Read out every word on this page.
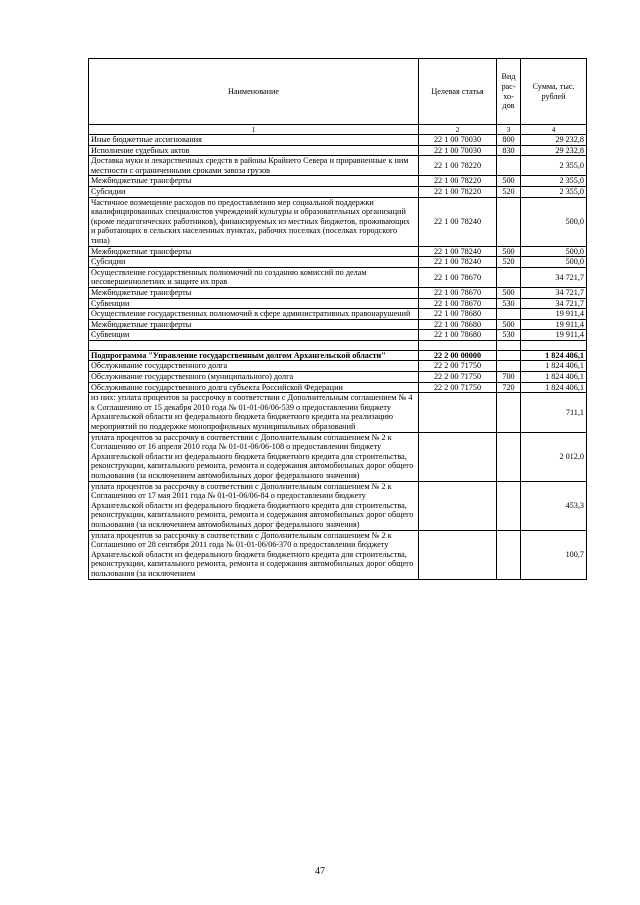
Наименование	Целевая статья	Вид рас-хо-дов	Сумма, тыс. рублей
1	2	3	4
Иные бюджетные ассигнования	22 1 00 70030	800	29 232,8
Исполнение судебных актов	22 1 00 70030	830	29 232,8
Доставка муки и лекарственных средств в районы Крайнего Севера и приравненные к ним местности с ограниченными сроками завоза грузов	22 1 00 78220		2 355,0
Межбюджетные трансферты	22 1 00 78220	500	2 355,0
Субсидии	22 1 00 78220	520	2 355,0
Частичное возмещение расходов по предоставлению мер социальной поддержки квалифицированных специалистов учреждений культуры и образовательных организаций (кроме педагогических работников), финансируемых из местных бюджетов, проживающих и работающих в сельских населенных пунктах, рабочих поселках (поселках городского типа)	22 1 00 78240		500,0
Межбюджетные трансферты	22 1 00 78240	500	500,0
Субсидии	22 1 00 78240	520	500,0
Осуществление государственных полномочий по созданию комиссий по делам несовершеннолетних и защите их прав	22 1 00 78670		34 721,7
Межбюджетные трансферты	22 1 00 78670	500	34 721,7
Субвенции	22 1 00 78670	530	34 721,7
Осуществление государственных полномочий в сфере административных правонарушений	22 1 00 78680		19 911,4
Межбюджетные трансферты	22 1 00 78680	500	19 911,4
Субвенции	22 1 00 78680	530	19 911,4

Подпрограмма "Управление государственным долгом Архангельской области"	22 2 00 00000		1 824 406,1
Обслуживание государственного долга	22 2 00 71750		1 824 406,1
Обслуживание государственного (муниципального) долга	22 2 00 71750	700	1 824 406,1
Обслуживание государственного долга субъекта Российской Федерации	22 2 00 71750	720	1 824 406,1
из них: уплата процентов за рассрочку в соответствии с Дополнительным соглашением № 4 к Соглашению от 15 декабря 2010 года № 01-01-06/06-539 о предоставлении бюджету Архангельской области из федерального бюджета бюджетного кредита на реализацию мероприятий по поддержке монопрофильных муниципальных образований			711,1
уплата процентов за рассрочку в соответствии с Дополнительным соглашением № 2 к Соглашению от 16 апреля 2010 года № 01-01-06/06-108 о предоставлении бюджету Архангельской области из федерального бюджета бюджетного кредита для строительства, реконструкции, капитального ремонта, ремонта и содержания автомобильных дорог общего пользования (за исключением автомобильных дорог федерального значения)			2 012,0
уплата процентов за рассрочку в соответствии с Дополнительным соглашением № 2 к Соглашению от 17 мая 2011 года № 01-01-06/06-84 о предоставлении бюджету Архангельской области из федерального бюджета бюджетного кредита для строительства, реконструкции, капитального ремонта, ремонта и содержания автомобильных дорог общего пользования (за исключением автомобильных дорог федерального значения)			453,3
уплата процентов за рассрочку в соответствии с Дополнительным соглашением № 2 к Соглашению от 28 сентября 2011 года № 01-01-06/06-370 о предоставлении бюджету Архангельской области из федерального бюджета бюджетного кредита для строительства, реконструкции, капитального ремонта, ремонта и содержания автомобильных дорог общего пользования (за исключением			100,7
47
